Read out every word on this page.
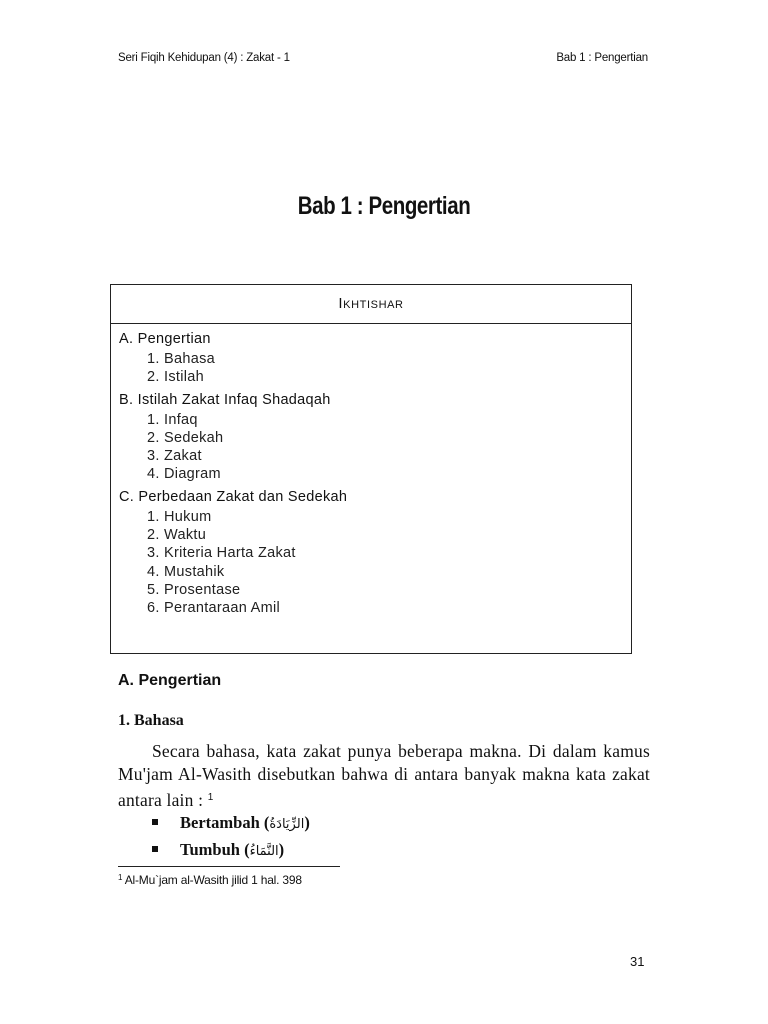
Seri Fiqih Kehidupan (4) : Zakat - 1	Bab 1 : Pengertian
Bab 1 : Pengertian
Ikhtishar
A. Pengertian
1. Bahasa
2. Istilah
B. Istilah Zakat Infaq Shadaqah
1. Infaq
2. Sedekah
3. Zakat
4. Diagram
C. Perbedaan Zakat dan Sedekah
1. Hukum
2. Waktu
3. Kriteria Harta Zakat
4. Mustahik
5. Prosentase
6. Perantaraan Amil
A. Pengertian
1. Bahasa
Secara bahasa, kata zakat punya beberapa makna. Di dalam kamus Mu'jam Al-Wasith disebutkan bahwa di antara banyak makna kata zakat antara lain : $^1$
Bertambah (الزِّيَادَةُ)
Tumbuh (النَّمَاءُ)
$^1$ Al-Mu`jam al-Wasith jilid 1 hal. 398
31
